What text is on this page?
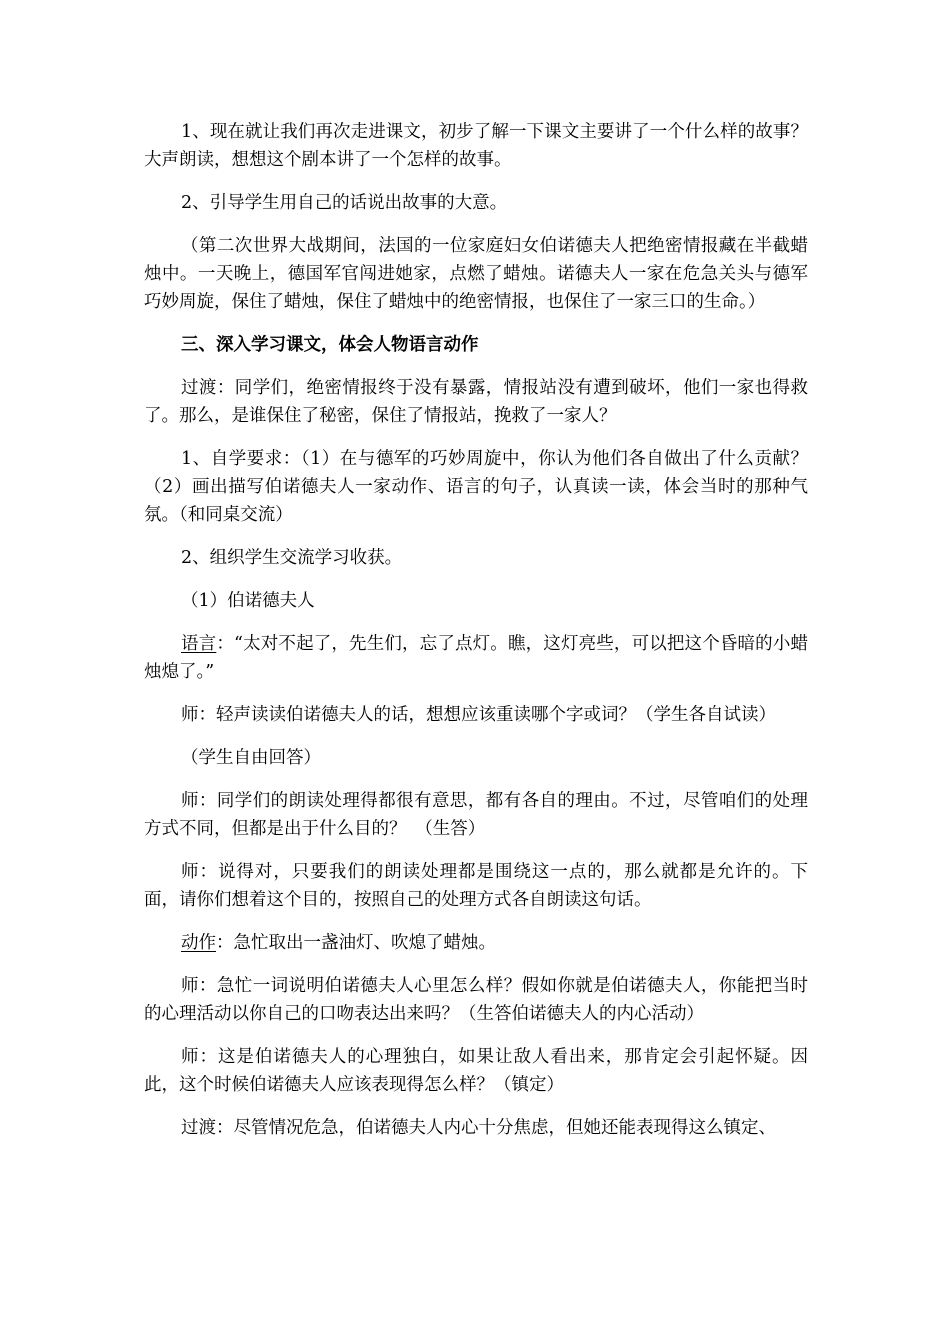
1、现在就让我们再次走进课文，初步了解一下课文主要讲了一个什么样的故事？大声朗读，想想这个剧本讲了一个怎样的故事。

2、引导学生用自己的话说出故事的大意。

（第二次世界大战期间，法国的一位家庭妇女伯诺德夫人把绝密情报藏在半截蜡烛中。一天晚上，德国军官闯进她家，点燃了蜡烛。诺德夫人一家在危急关头与德军巧妙周旋，保住了蜡烛，保住了蜡烛中的绝密情报，也保住了一家三口的生命。）

三、深入学习课文，体会人物语言动作

过渡：同学们，绝密情报终于没有暴露，情报站没有遭到破坏，他们一家也得救了。那么，是谁保住了秘密，保住了情报站，挽救了一家人？

1、自学要求：（1）在与德军的巧妙周旋中，你认为他们各自做出了什么贡献？（2）画出描写伯诺德夫人一家动作、语言的句子，认真读一读，体会当时的那种气氛。（和同桌交流）

2、组织学生交流学习收获。

（1）伯诺德夫人

语言：“太对不起了，先生们，忘了点灯。瞧，这灯亮些，可以把这个昏暗的小蜡烛熄了。”

师：轻声读读伯诺德夫人的话，想想应该重读哪个字或词？（学生各自试读）

（学生自由回答）

师：同学们的朗读处理得都很有意思，都有各自的理由。不过，尽管咱们的处理方式不同，但都是出于什么目的？　（生答）

师：说得对，只要我们的朗读处理都是围绕这一点的，那么就都是允许的。下面，请你们想着这个目的，按照自己的处理方式各自朗读这句话。

动作：急忙取出一盏油灯、吹熄了蜡烛。

师：急忙一词说明伯诺德夫人心里怎么样？假如你就是伯诺德夫人，你能把当时的心理活动以你自己的口吻表达出来吗？（生答伯诺德夫人的内心活动）

师：这是伯诺德夫人的心理独白，如果让敌人看出来，那肯定会引起怀疑。因此，这个时候伯诺德夫人应该表现得怎么样？（镇定）

过渡：尽管情况危急，伯诺德夫人内心十分焦虑，但她还能表现得这么镇定、
